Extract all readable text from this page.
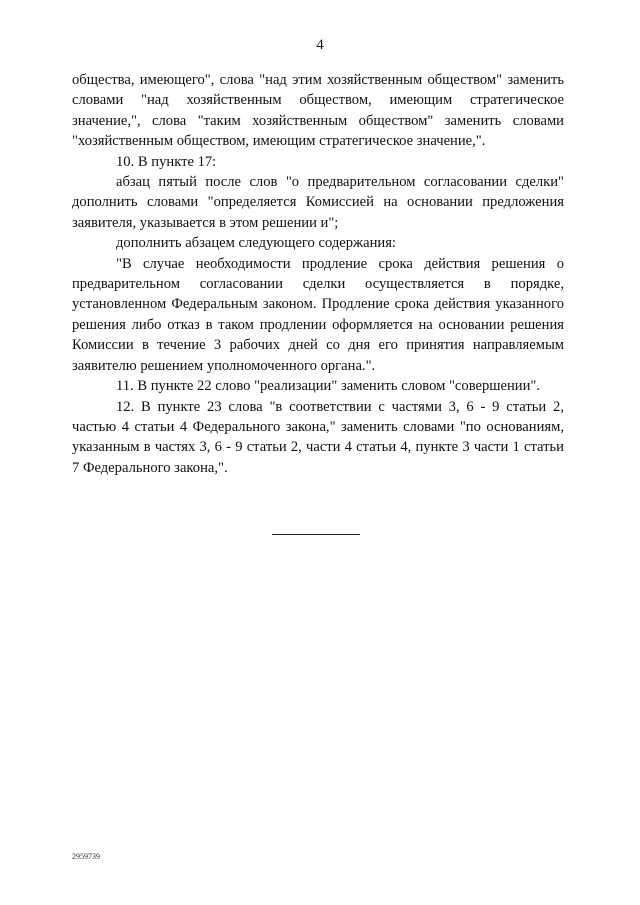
4

общества, имеющего", слова "над этим хозяйственным обществом" заменить словами "над хозяйственным обществом, имеющим стратегическое значение,", слова "таким хозяйственным обществом" заменить словами "хозяйственным обществом, имеющим стратегическое значение,".

10. В пункте 17:

абзац пятый после слов "о предварительном согласовании сделки" дополнить словами "определяется Комиссией на основании предложения заявителя, указывается в этом решении и";

дополнить абзацем следующего содержания:

"В случае необходимости продление срока действия решения о предварительном согласовании сделки осуществляется в порядке, установленном Федеральным законом. Продление срока действия указанного решения либо отказ в таком продлении оформляется на основании решения Комиссии в течение 3 рабочих дней со дня его принятия направляемым заявителю решением уполномоченного органа.".

11. В пункте 22 слово "реализации" заменить словом "совершении".

12. В пункте 23 слова "в соответствии с частями 3, 6 - 9 статьи 2, частью 4 статьи 4 Федерального закона," заменить словами "по основаниям, указанным в частях 3, 6 - 9 статьи 2, части 4 статьи 4, пункте 3 части 1 статьи 7 Федерального закона,".

2959739
